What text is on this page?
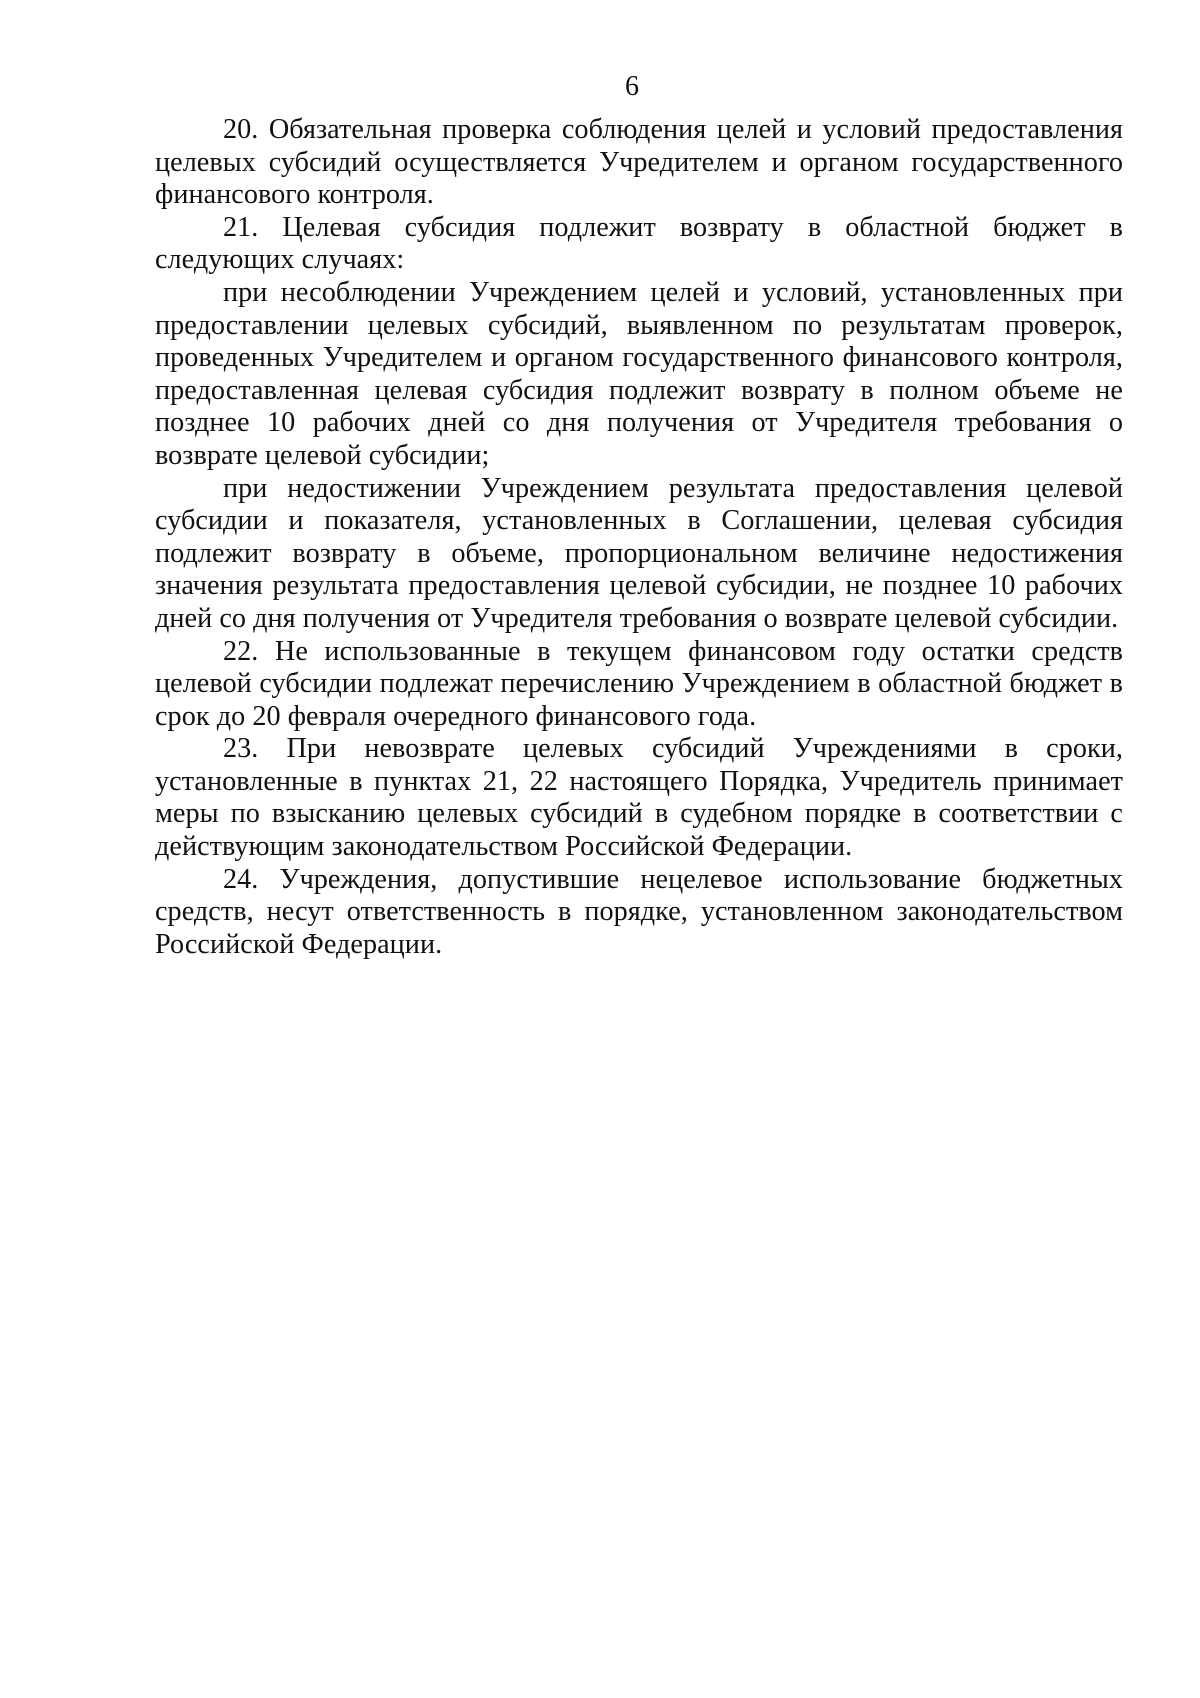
6

20. Обязательная проверка соблюдения целей и условий предоставления целевых субсидий осуществляется Учредителем и органом государственного финансового контроля.

21. Целевая субсидия подлежит возврату в областной бюджет в следующих случаях:

при несоблюдении Учреждением целей и условий, установленных при предоставлении целевых субсидий, выявленном по результатам проверок, проведенных Учредителем и органом государственного финансового контроля, предоставленная целевая субсидия подлежит возврату в полном объеме не позднее 10 рабочих дней со дня получения от Учредителя требования о возврате целевой субсидии;

при недостижении Учреждением результата предоставления целевой субсидии и показателя, установленных в Соглашении, целевая субсидия подлежит возврату в объеме, пропорциональном величине недостижения значения результата предоставления целевой субсидии, не позднее 10 рабочих дней со дня получения от Учредителя требования о возврате целевой субсидии.

22. Не использованные в текущем финансовом году остатки средств целевой субсидии подлежат перечислению Учреждением в областной бюджет в срок до 20 февраля очередного финансового года.

23. При невозврате целевых субсидий Учреждениями в сроки, установленные в пунктах 21, 22 настоящего Порядка, Учредитель принимает меры по взысканию целевых субсидий в судебном порядке в соответствии с действующим законодательством Российской Федерации.

24. Учреждения, допустившие нецелевое использование бюджетных средств, несут ответственность в порядке, установленном законодательством Российской Федерации.
